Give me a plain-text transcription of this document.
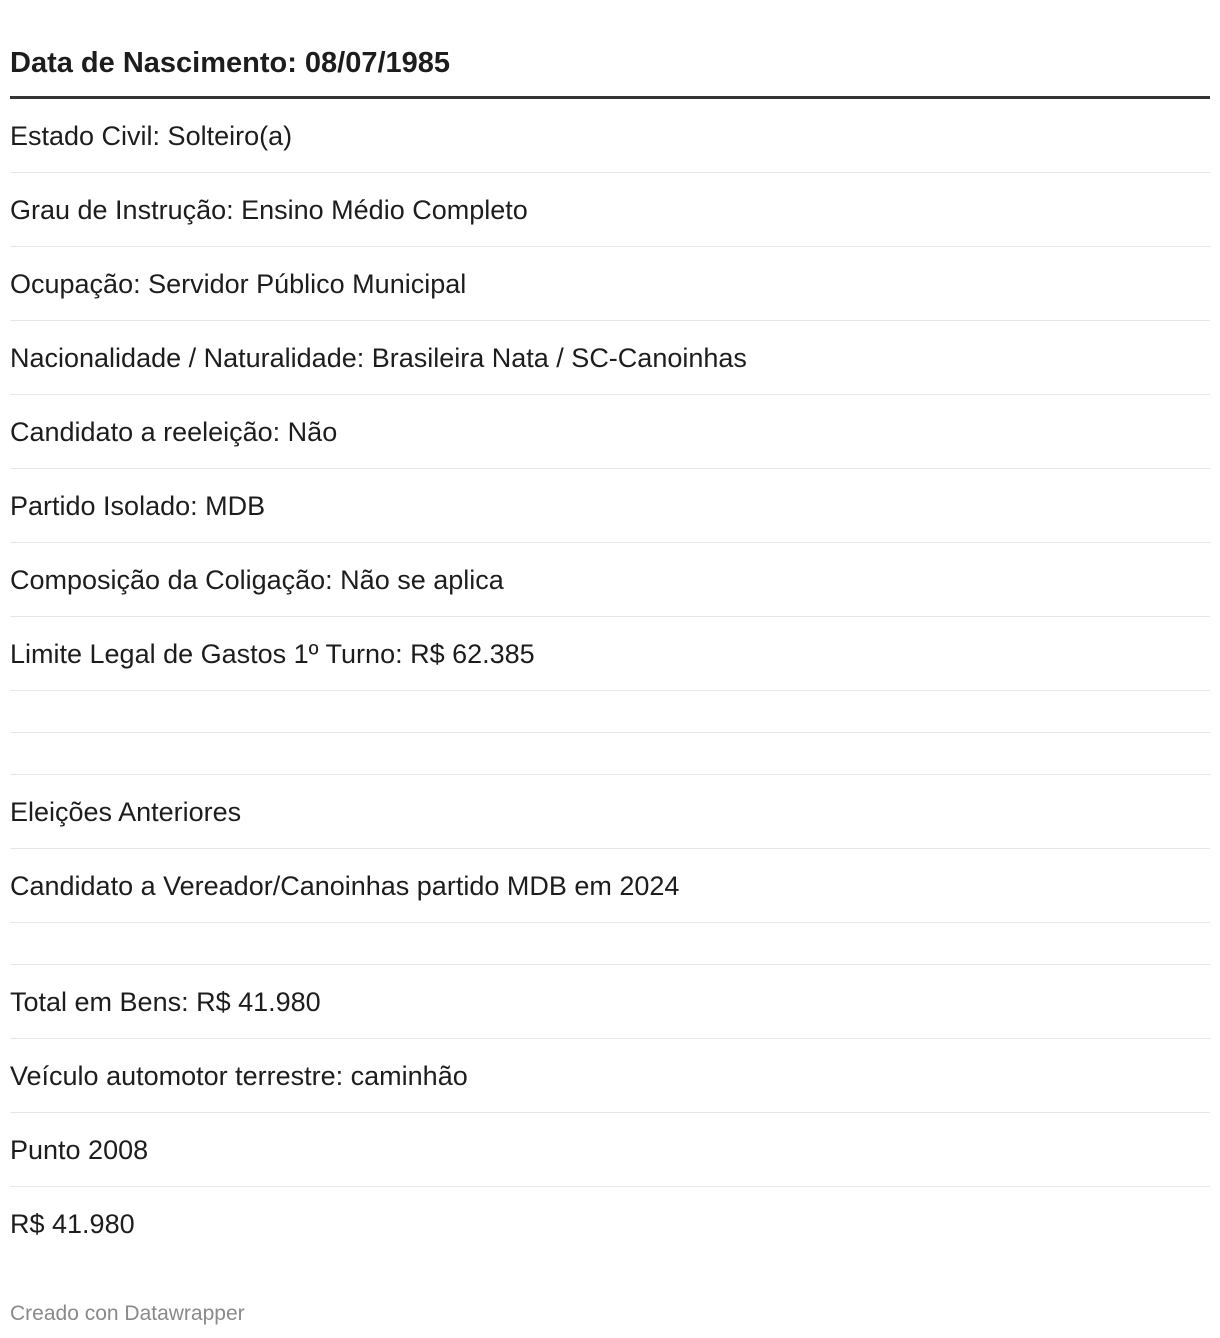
Data de Nascimento: 08/07/1985
Estado Civil: Solteiro(a)
Grau de Instrução: Ensino Médio Completo
Ocupação: Servidor Público Municipal
Nacionalidade / Naturalidade: Brasileira Nata / SC-Canoinhas
Candidato a reeleição: Não
Partido Isolado: MDB
Composição da Coligação: Não se aplica
Limite Legal de Gastos 1º Turno: R$ 62.385
Eleições Anteriores
Candidato a Vereador/Canoinhas partido MDB em 2024
Total em Bens: R$ 41.980
Veículo automotor terrestre: caminhão
Punto 2008
R$ 41.980
Creado con Datawrapper
